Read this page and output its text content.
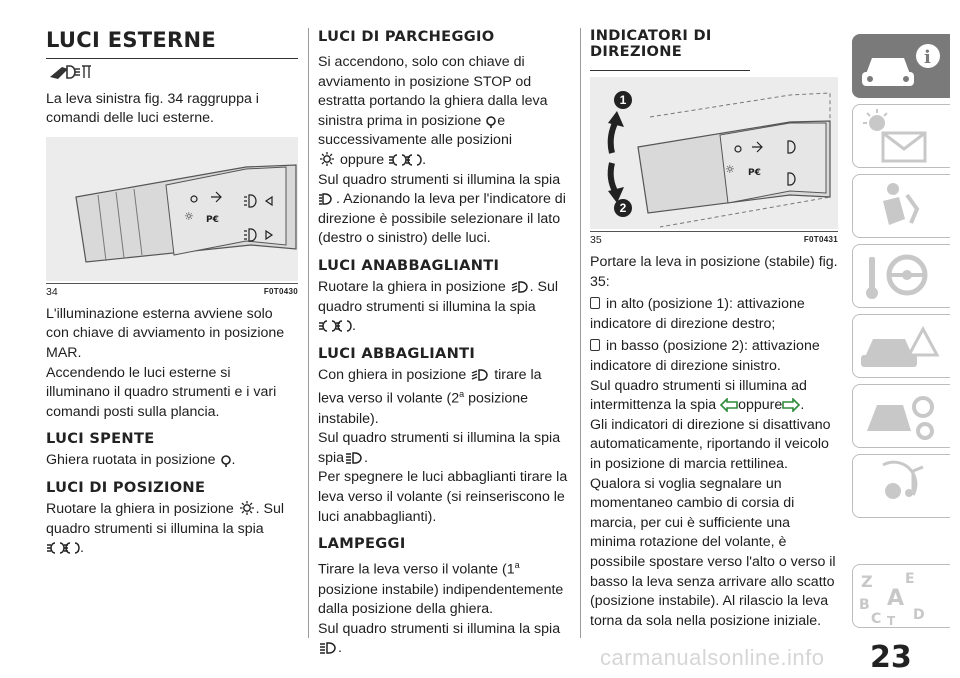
LUCI ESTERNE

La leva sinistra fig. 34 raggruppa i comandi delle luci esterne.

☼ P€
34	F0T0430

L'illuminazione esterna avviene solo con chiave di avviamento in posizione MAR.

Accendendo le luci esterne si illuminano il quadro strumenti e i vari comandi posti sulla plancia.

LUCI SPENTE

Ghiera ruotata in posizione .

LUCI DI POSIZIONE

Ruotare la ghiera in posizione . Sul quadro strumenti si illumina la spia

.

LUCI DI PARCHEGGIO

Si accendono, solo con chiave di avviamento in posizione STOP od estratta portando la ghiera dalla leva sinistra prima in posizione e successivamente alle posizioni

oppure	.

Sul quadro strumenti si illumina la spia

. Azionando la leva per l'indicatore di direzione è possibile selezionare il lato (destro o sinistro) delle luci.

LUCI ANABBAGLIANTI

Ruotare la ghiera in posizione . Sul quadro strumenti si illumina la spia

.

LUCI ABBAGLIANTI

Con ghiera in posizione tirare la leva verso il volante (2$^a$ posizione instabile).

Sul quadro strumenti si illumina la spia

spia .

Per spegnere le luci abbaglianti tirare la leva verso il volante (si reinseriscono le luci anabbaglianti).

LAMPEGGI

Tirare la leva verso il volante (1$^a$ posizione instabile) indipendentemente dalla posizione della ghiera.

Sul quadro strumenti si illumina la spia

.

INDICATORI DI DIREZIONE
☼ P€
1
2
35	F0T0431

Portare la leva in posizione (stabile) fig. 35:

in alto (posizione 1): attivazione indicatore di direzione destro;

in basso (posizione 2): attivazione indicatore di direzione sinistro.

Sul quadro strumenti si illumina ad intermittenza la spia oppure .

Gli indicatori di direzione si disattivano automaticamente, riportando il veicolo in posizione di marcia rettilinea.

Qualora si voglia segnalare un momentaneo cambio di corsia di marcia, per cui è sufficiente una minima rotazione del volante, è possibile spostare verso l'alto o verso il basso la leva senza arrivare allo scatto (posizione instabile). Al rilascio la leva torna da sola nella posizione iniziale.

i
Z E
A
B
C T D
carmanualsonline.info 23
